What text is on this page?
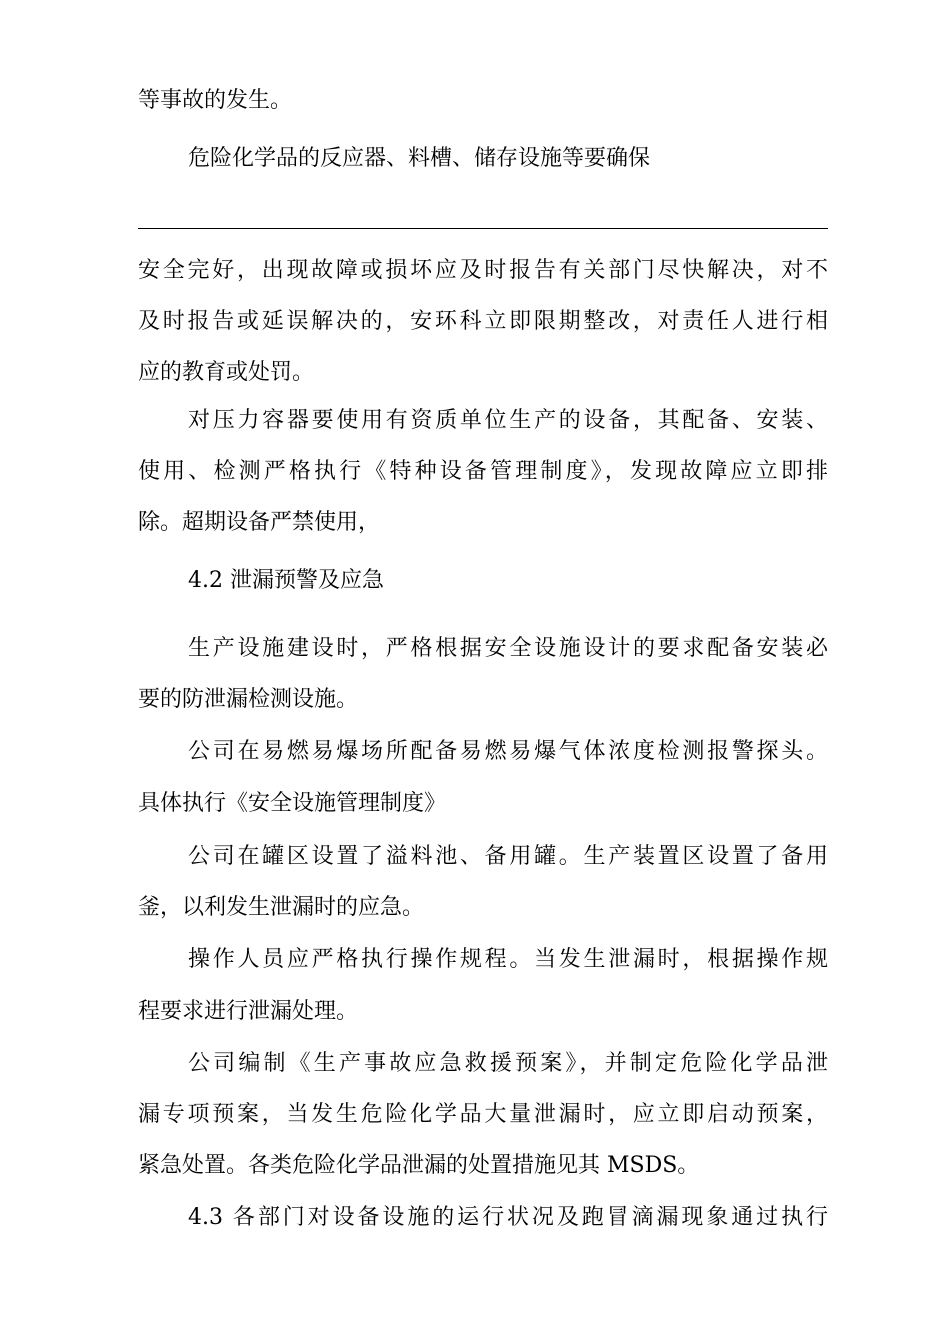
等事故的发生。
危险化学品的反应器、料槽、储存设施等要确保
安全完好，出现故障或损坏应及时报告有关部门尽快解决，对不
及时报告或延误解决的，安环科立即限期整改，对责任人进行相
应的教育或处罚。
对压力容器要使用有资质单位生产的设备，其配备、安装、
使用、检测严格执行《特种设备管理制度》，发现故障应立即排
除。超期设备严禁使用，
4.2 泄漏预警及应急
生产设施建设时，严格根据安全设施设计的要求配备安装必
要的防泄漏检测设施。
公司在易燃易爆场所配备易燃易爆气体浓度检测报警探头。
具体执行《安全设施管理制度》
公司在罐区设置了溢料池、备用罐。生产装置区设置了备用
釜，以利发生泄漏时的应急。
操作人员应严格执行操作规程。当发生泄漏时，根据操作规
程要求进行泄漏处理。
公司编制《生产事故应急救援预案》，并制定危险化学品泄
漏专项预案，当发生危险化学品大量泄漏时，应立即启动预案，
紧急处置。各类危险化学品泄漏的处置措施见其 MSDS。
4.3 各部门对设备设施的运行状况及跑冒滴漏现象通过执行
